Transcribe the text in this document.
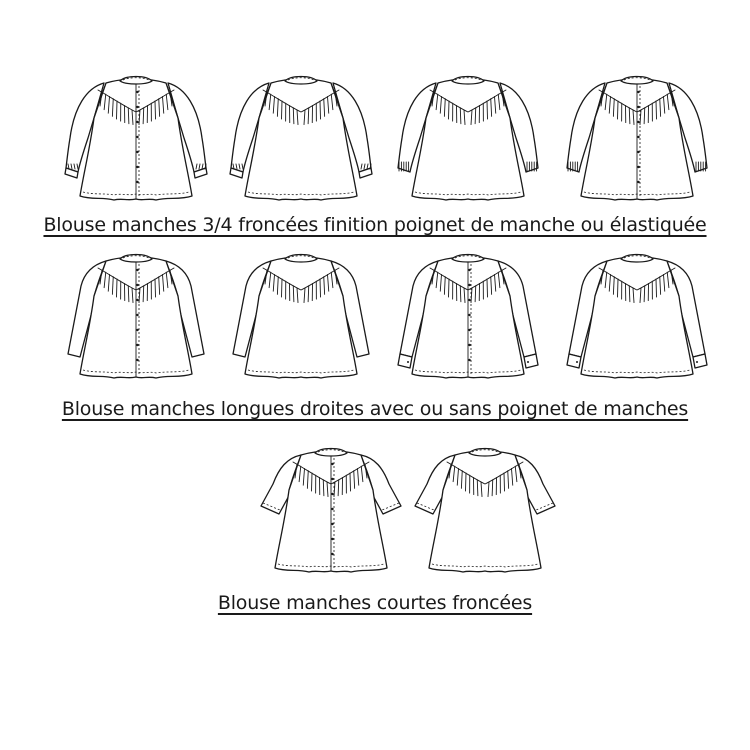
Blouse manches 3/4 froncées finition poignet de manche ou élastiquée
Blouse manches longues droites avec ou sans poignet de manches
Blouse manches courtes froncées
